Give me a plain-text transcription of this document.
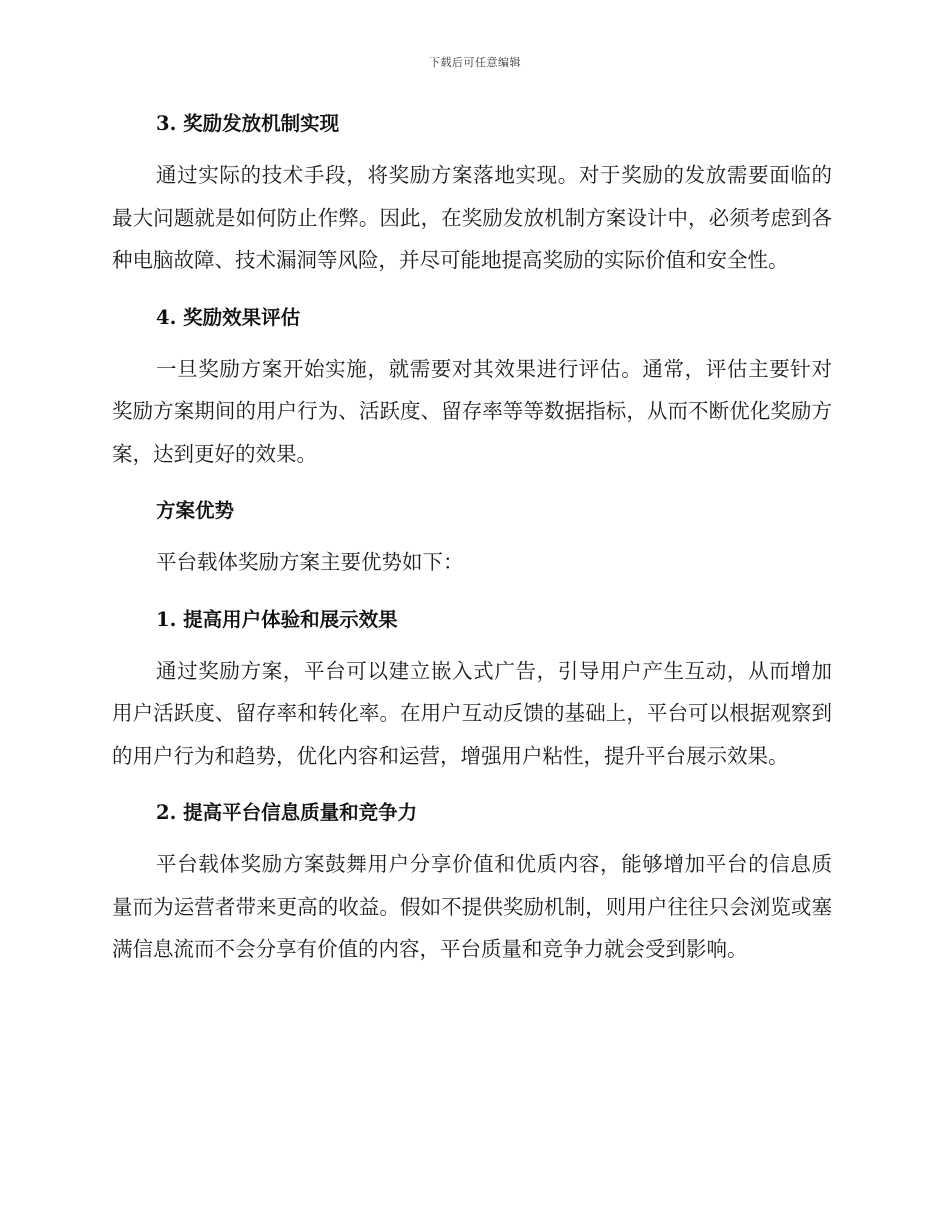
下载后可任意编辑
3. 奖励发放机制实现

通过实际的技术手段，将奖励方案落地实现。对于奖励的发放需要面临的最大问题就是如何防止作弊。因此，在奖励发放机制方案设计中，必须考虑到各种电脑故障、技术漏洞等风险，并尽可能地提高奖励的实际价值和安全性。

4. 奖励效果评估

一旦奖励方案开始实施，就需要对其效果进行评估。通常，评估主要针对奖励方案期间的用户行为、活跃度、留存率等等数据指标，从而不断优化奖励方案，达到更好的效果。

方案优势

平台载体奖励方案主要优势如下：

1. 提高用户体验和展示效果

通过奖励方案，平台可以建立嵌入式广告，引导用户产生互动，从而增加用户活跃度、留存率和转化率。在用户互动反馈的基础上，平台可以根据观察到的用户行为和趋势，优化内容和运营，增强用户粘性，提升平台展示效果。

2. 提高平台信息质量和竞争力

平台载体奖励方案鼓舞用户分享价值和优质内容，能够增加平台的信息质量而为运营者带来更高的收益。假如不提供奖励机制，则用户往往只会浏览或塞满信息流而不会分享有价值的内容，平台质量和竞争力就会受到影响。
